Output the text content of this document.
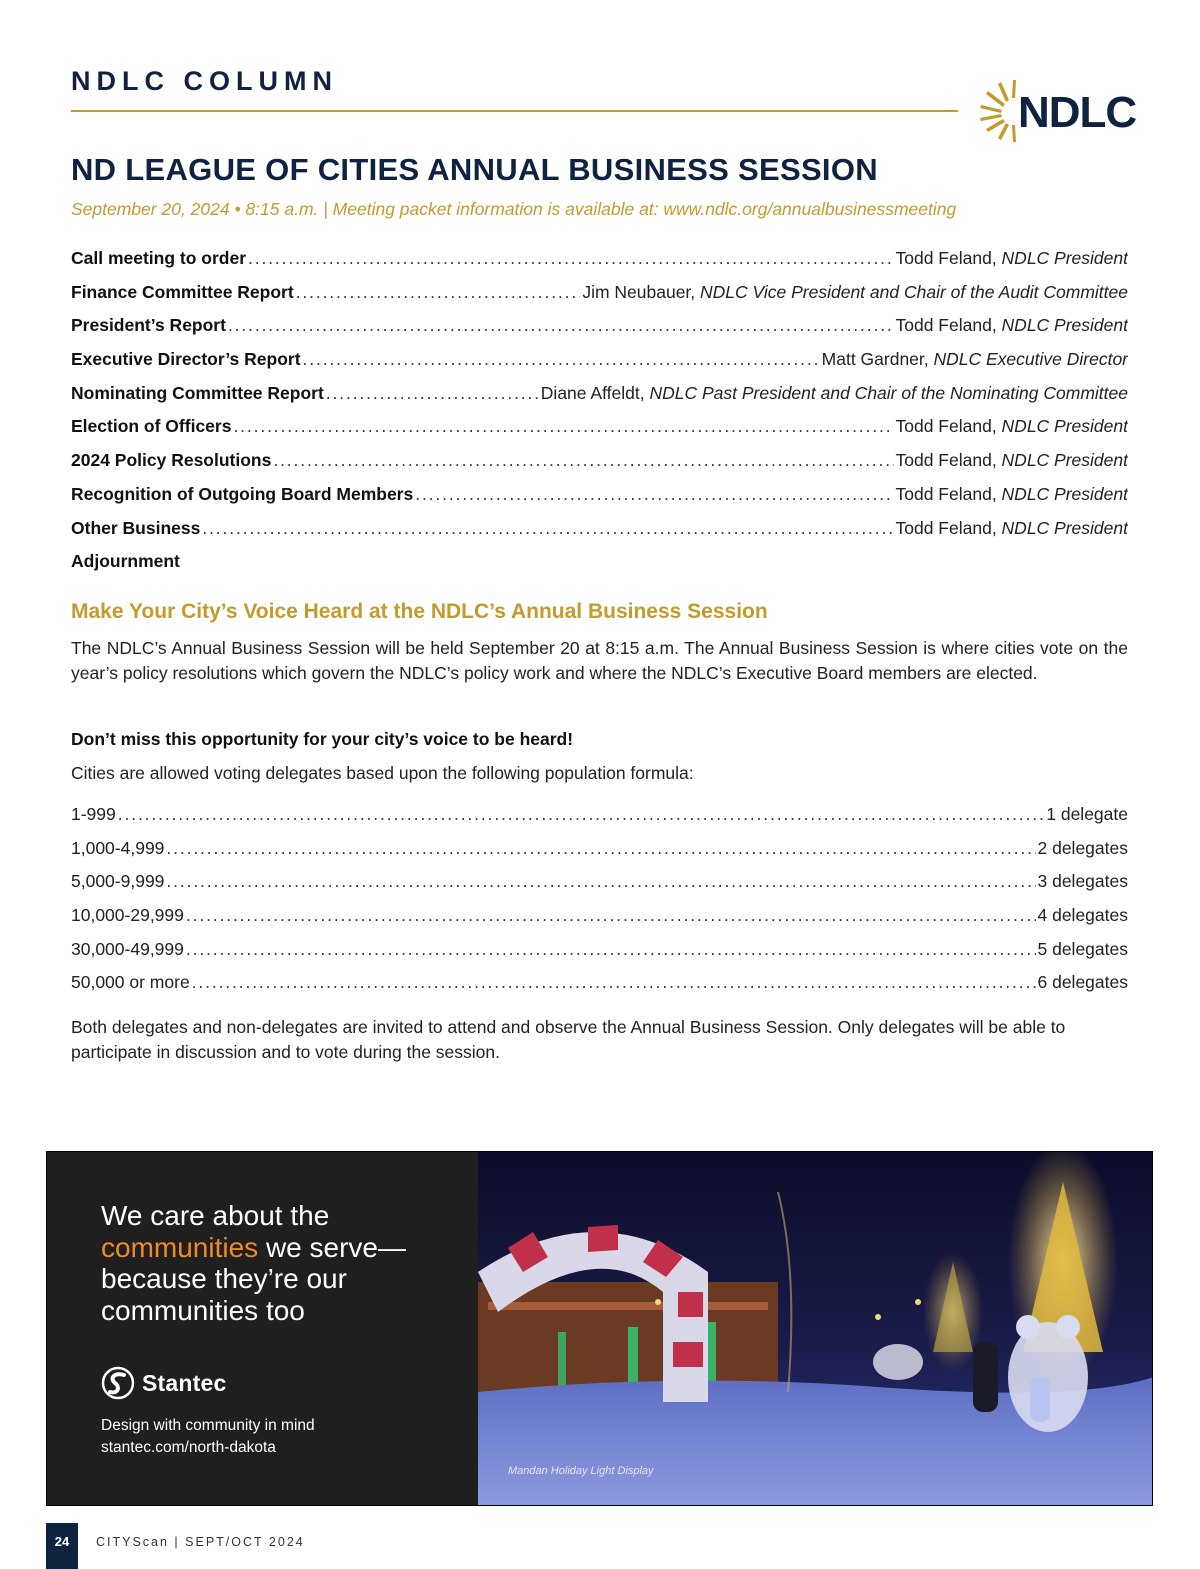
NDLC COLUMN
NDLC
ND LEAGUE OF CITIES ANNUAL BUSINESS SESSION
September 20, 2024 • 8:15 a.m. | Meeting packet information is available at: www.ndlc.org/annualbusinessmeeting
Call meeting to order . . .	Todd Feland, NDLC President
Finance Committee Report . . .	Jim Neubauer, NDLC Vice President and Chair of the Audit Committee
President’s Report . . .	Todd Feland, NDLC President
Executive Director’s Report . . .	Matt Gardner, NDLC Executive Director
Nominating Committee Report . . .	Diane Affeldt, NDLC Past President and Chair of the Nominating Committee
Election of Officers . . .	Todd Feland, NDLC President
2024 Policy Resolutions . . .	Todd Feland, NDLC President
Recognition of Outgoing Board Members . . .	Todd Feland, NDLC President
Other Business . . .	Todd Feland, NDLC President
Adjournment
Make Your City’s Voice Heard at the NDLC’s Annual Business Session
The NDLC’s Annual Business Session will be held September 20 at 8:15 a.m. The Annual Business Session is where cities vote on the year’s policy resolutions which govern the NDLC’s policy work and where the NDLC’s Executive Board members are elected.
Don’t miss this opportunity for your city’s voice to be heard!
Cities are allowed voting delegates based upon the following population formula:
1-999 . . .	1 delegate
1,000-4,999 . . .	2 delegates
5,000-9,999 . . .	3 delegates
10,000-29,999 . . .	4 delegates
30,000-49,999 . . .	5 delegates
50,000 or more . . .	6 delegates
Both delegates and non-delegates are invited to attend and observe the Annual Business Session. Only delegates will be able to participate in discussion and to vote during the session.
We care about the
communities we serve—
because they’re our
communities too
Stantec
Design with community in mind
stantec.com/north-dakota
Mandan Holiday Light Display
24	CITYScan | SEPT/OCT 2024
